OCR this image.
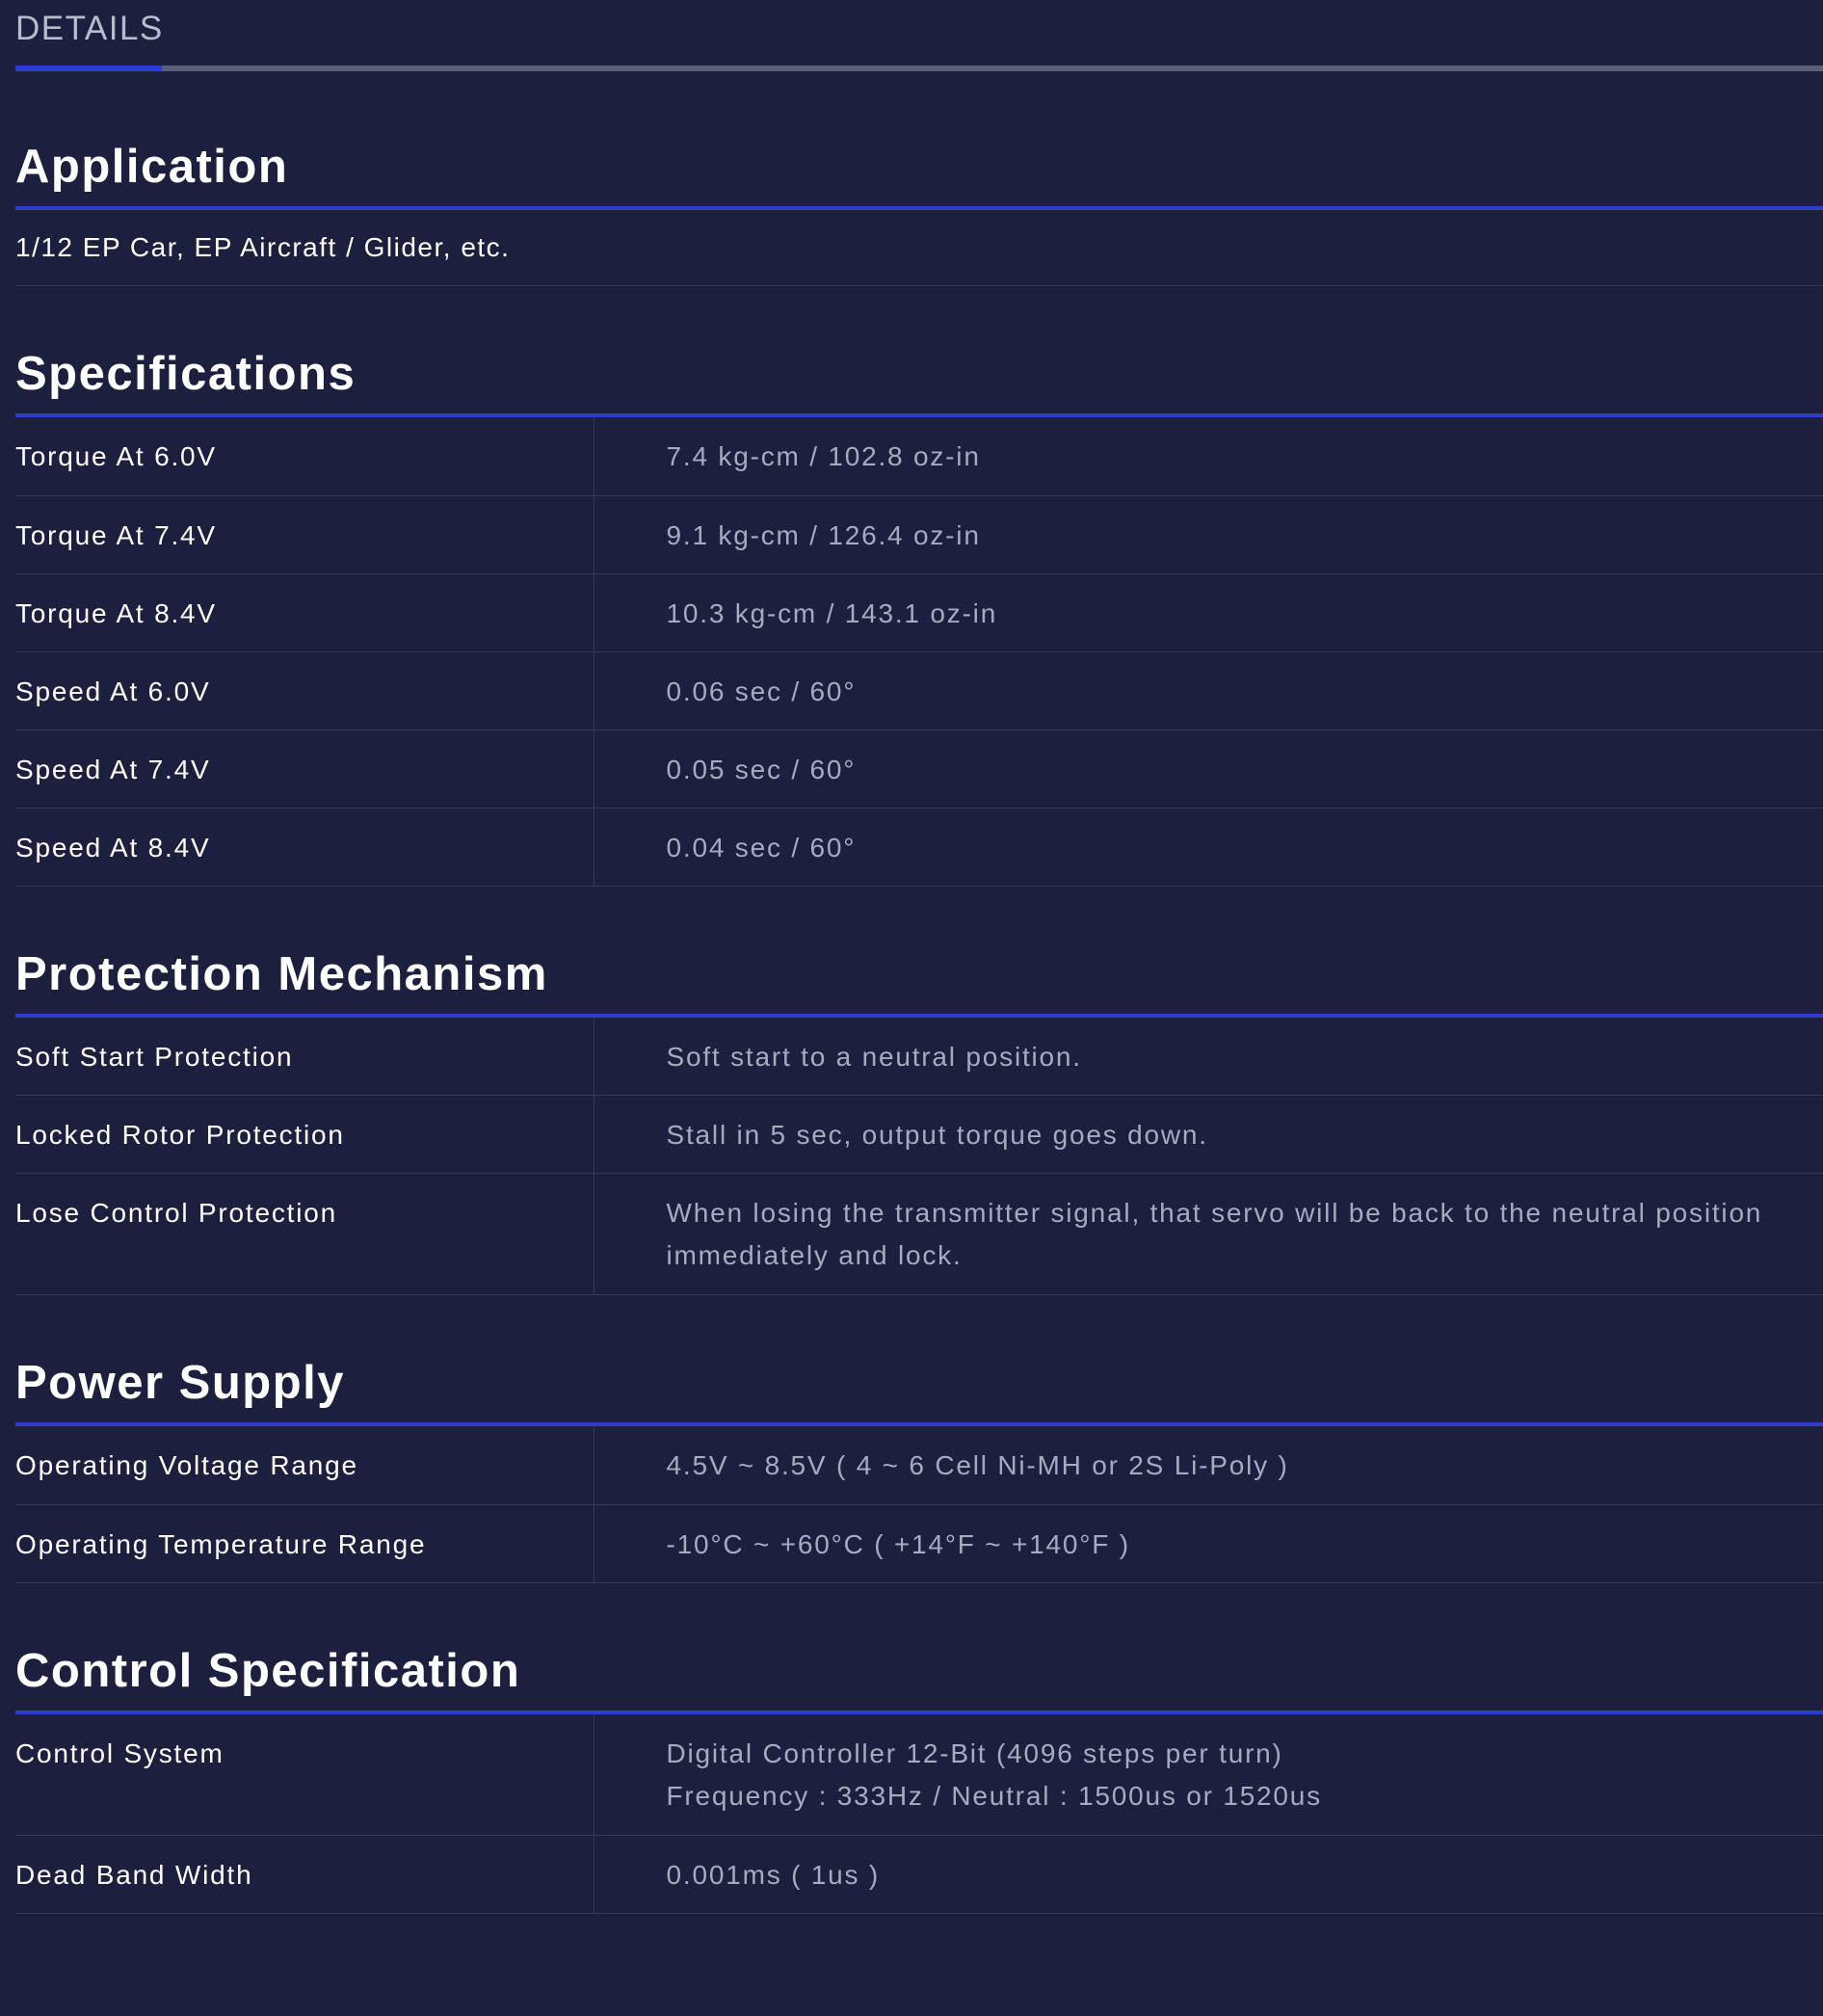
DETAILS
Application
1/12 EP Car, EP Aircraft / Glider, etc.
Specifications
Torque At 6.0V	7.4 kg-cm / 102.8 oz-in
Torque At 7.4V	9.1 kg-cm / 126.4 oz-in
Torque At 8.4V	10.3 kg-cm / 143.1 oz-in
Speed At 6.0V	0.06 sec / 60°
Speed At 7.4V	0.05 sec / 60°
Speed At 8.4V	0.04 sec / 60°
Protection Mechanism
Soft Start Protection	Soft start to a neutral position.
Locked Rotor Protection	Stall in 5 sec, output torque goes down.
Lose Control Protection	When losing the transmitter signal, that servo will be back to the neutral position
immediately and lock.
Power Supply
Operating Voltage Range	4.5V ~ 8.5V ( 4 ~ 6 Cell Ni-MH or 2S Li-Poly )
Operating Temperature Range	-10°C ~ +60°C ( +14°F ~ +140°F )
Control Specification
Control System	Digital Controller 12-Bit (4096 steps per turn)
Frequency : 333Hz / Neutral : 1500us or 1520us

Dead Band Width	0.001ms ( 1us )
